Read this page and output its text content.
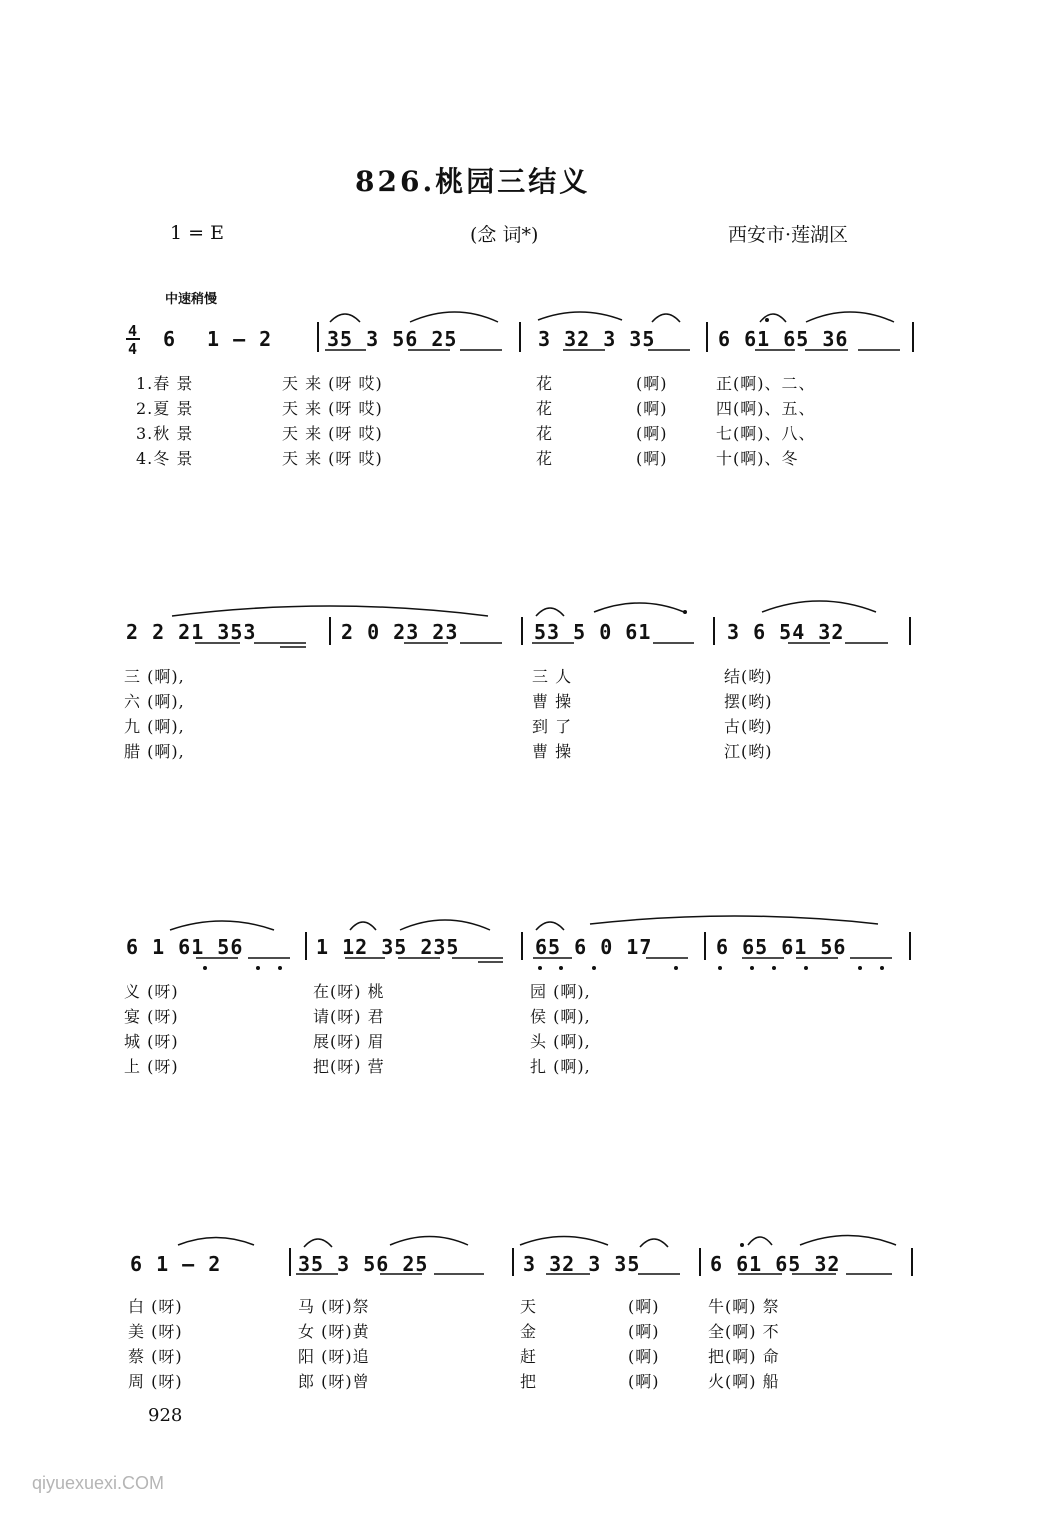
826.桃园三结义
1 = E	(念 词*)	西安市·莲湖区
中速稍慢
4
4 6 1 – 2	35 3 56 25	3 32 3 35	6 61 65 36
1.春 景	天 来 (呀 哎)	花	(啊)	正(啊)、二、
2.夏 景	天 来 (呀 哎)	花	(啊)	四(啊)、五、
3.秋 景	天 来 (呀 哎)	花	(啊)	七(啊)、八、
4.冬 景	天 来 (呀 哎)	花	(啊)	十(啊)、冬
2 2 21 353	2 0 23 23	53 5 0 61	3 6 54 32
三 (啊),	三 人	结(哟)
六 (啊),	曹 操	摆(哟)
九 (啊),	到 了	古(哟)
腊 (啊),	曹 操	江(哟)
6 1 61 56	1 12 35 235	65 6 0 17	6 65 61 56
义 (呀)	在(呀) 桃	园 (啊),
宴 (呀)	请(呀) 君	侯 (啊),
城 (呀)	展(呀) 眉	头 (啊),
上 (呀)	把(呀) 营	扎 (啊),
6 1 – 2	35 3 56 25	3 32 3 35	6 61 65 32
白 (呀)	马 (呀)祭	天	(啊)	牛(啊) 祭
美 (呀)	女 (呀)黄	金	(啊)	全(啊) 不
蔡 (呀)	阳 (呀)追	赶	(啊)	把(啊) 命
周 (呀)	郎 (呀)曾	把	(啊)	火(啊) 船
928
qiyuexuexi.COM
